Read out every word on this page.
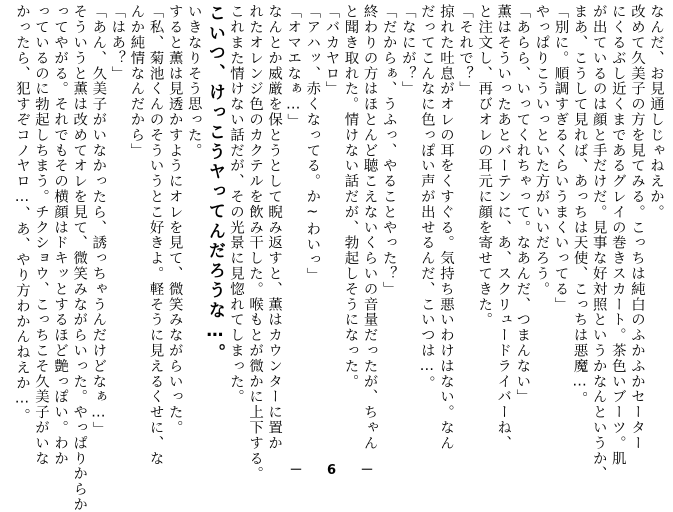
なんだ、お見通しじゃねえか。
改めて久美子の方を見てみる。こっちは純白のふかふかセーター
にくるぶし近くまであるグレイの巻きスカート。茶色いブーツ。肌
が出ているのは顔と手だけだ。見事な好対照というかなんというか、
まあ、こうして見れば、あっちは天使、こっちは悪魔…。
「別に。順調すぎるくらいうまくいってる」
やっぱりこういっといた方がいいだろう。
「あらら、いってくれちゃって。なあんだ、つまんない」
薫はそういったあとバーテンに、あ、スクリュードライバーね、
と注文し、再びオレの耳元に顔を寄せてきた。
「それで？」
掠れた吐息がオレの耳をくすぐる。気持ち悪いわけはない。なん
だってこんなに色っぽい声が出せるんだ、こいつは…。
「なにが？」
「だからぁ、うふっ、やることやった？」
終わりの方はほとんど聴こえないくらいの音量だったが、ちゃん
と聞き取れた。情けない話だが、勃起しそうになった。
「バカヤロ」
「アハッ、赤くなってる。か~わいっ」
「オマエなぁ…」
なんとか威厳を保とうとして睨み返すと、薫はカウンターに置か
れたオレンジ色のカクテルを飲み干した。喉もとが微かに上下する。
これまた情けない話だが、その光景に見惚れてしまった。
こいつ、けっこうヤってんだろうな…。
いきなりそう思った。
すると薫は見透かすようにオレを見て、微笑みながらいった。
「私、菊池くんのそういうとこ好きよ。軽そうに見えるくせに、な
んか純情なんだから」
「はあ？」
「あん、久美子がいなかったら、誘っちゃうんだけどなぁ…」
そういうと薫は改めてオレを見て、微笑みながらいった。やっぱりからか
ってやがる。それでもその横顔はドキッとするほど艶っぽい。わか
っているのに勃起しちまう。チクショウ、こっちこそ久美子がいな
かったら、犯すぞコノヤロ…、あ、やり方わかんねえか…。
－ 6 －
